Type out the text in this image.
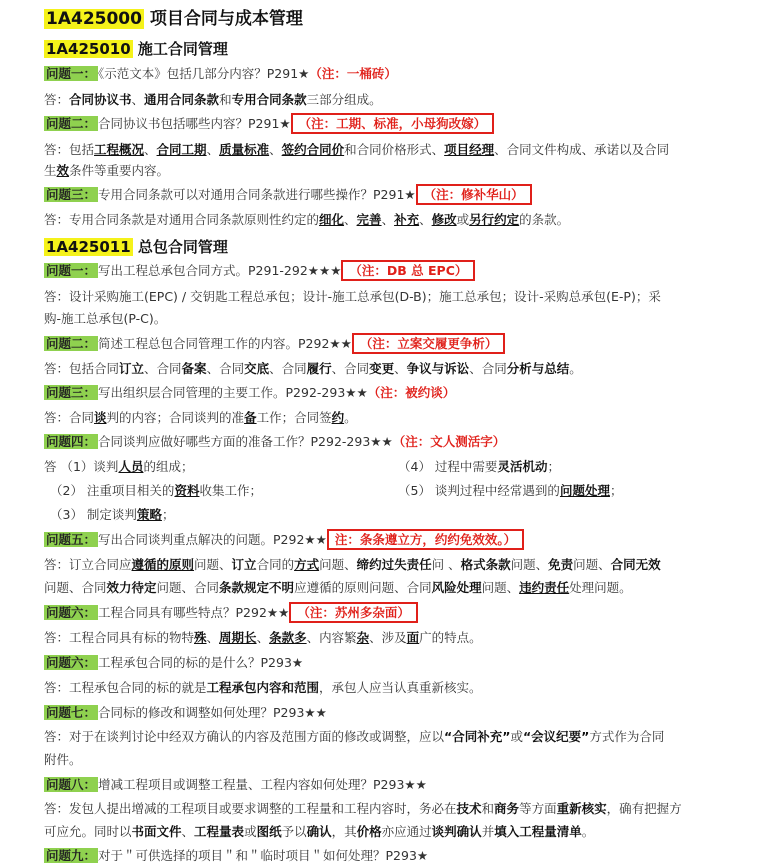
1A425000 项目合同与成本管理
1A425010 施工合同管理
问题一： 《示范文本》包括几部分内容？P291★（注：一桶砖）
答：合同协议书、通用合同条款和专用合同条款三部分组成。
问题二： 合同协议书包括哪些内容？P291★ （注：工期、标准，小母狗改嫁）
答：包括工程概况、合同工期、质量标准、签约合同价和合同价格形式、项目经理、合同文件构成、承诺以及合同
生效条件等重要内容。
问题三： 专用合同条款可以对通用合同条款进行哪些操作？P291★ （注：修补华山）
答：专用合同条款是对通用合同条款原则性约定的细化、完善、补充、修改或另行约定的条款。
1A425011 总包合同管理
问题一： 写出工程总承包合同方式。P291-292★★★ （注：DB 总 EPC）
答：设计采购施工(EPC) / 交钥匙工程总承包；设计-施工总承包(D-B)；施工总承包；设计-采购总承包(E-P)；采
购-施工总承包(P-C)。
问题二： 简述工程总包合同管理工作的内容。P292★★ （注：立案交履更争析）
答：包括合同订立、合同备案、合同交底、合同履行、合同变更、争议与诉讼、合同分析与总结。
问题三： 写出组织层合同管理的主要工作。P292-293★★（注：被约谈）
答：合同谈判的内容；合同谈判的准备工作；合同签约。
问题四： 合同谈判应做好哪些方面的准备工作？P292-293★★（注：文人测活字）
答 （1）谈判人员的组成；	（4） 过程中需要灵活机动；
（2） 注重项目相关的资料收集工作；	（5） 谈判过程中经常遇到的问题处理；
（3） 制定谈判策略；
问题五： 写出合同谈判重点解决的问题。P292★★ 注：条条遵立方，约约免效效。）
答：订立合同应遵循的原则问题、订立合同的方式问题、缔约过失责任问 、格式条款问题、免责问题、合同无效
问题、合同效力待定问题、合同条款规定不明应遵循的原则问题、合同风险处理问题、违约责任处理问题。
问题六： 工程合同具有哪些特点？P292★★ （注：苏州多杂面）
答：工程合同具有标的物特殊、周期长、条款多、内容繁杂、涉及面广的特点。
问题六： 工程承包合同的标的是什么？P293★
答：工程承包合同的标的就是工程承包内容和范围，承包人应当认真重新核实。
问题七： 合同标的修改和调整如何处理？P293★★
答：对于在谈判讨论中经双方确认的内容及范围方面的修改或调整，应以“合同补充”或“会议纪要”方式作为合同
附件。
问题八： 增减工程项目或调整工程量、工程内容如何处理？P293★★
答：发包人提出增减的工程项目或要求调整的工程量和工程内容时，务必在技术和商务等方面重新核实，确有把握方
可应允。同时以书面文件、工程量表或图纸予以确认，其价格亦应通过谈判确认并填入工程量清单。
问题九： 对于＂可供选择的项目＂和＂临时项目＂如何处理？P293★
